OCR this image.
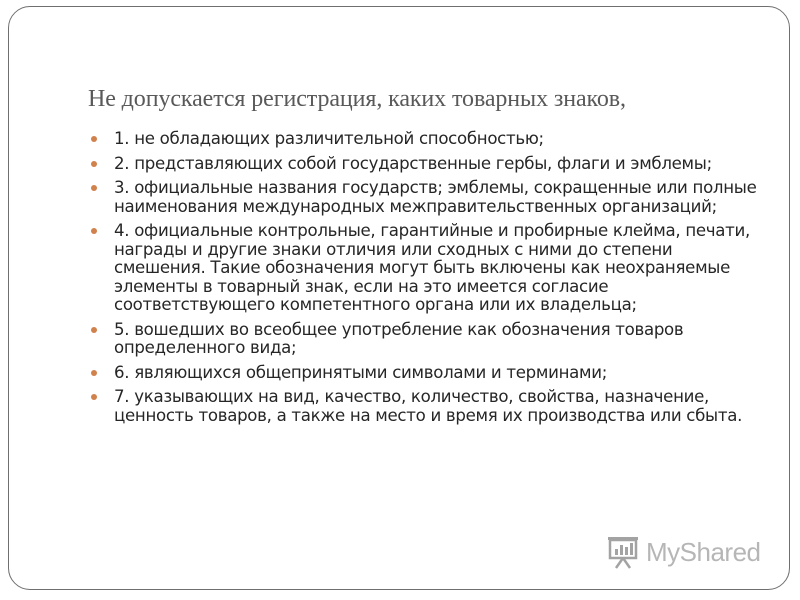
Не допускается регистрация, каких товарных знаков,
1. не обладающих различительной способностью;
2. представляющих собой государственные гербы, флаги и эмблемы;
3. официальные названия государств; эмблемы, сокращенные или полные наименования международных межправительственных организаций;
4. официальные контрольные, гарантийные и пробирные клейма, печати, награды и другие знаки отличия или сходных с ними до степени смешения. Такие обозначения могут быть включены как неохраняемые элементы в товарный знак, если на это имеется согласие соответствующего компетентного органа или их владельца;
5. вошедших во всеобщее употребление как обозначения товаров определенного вида;
6. являющихся общепринятыми символами и терминами;
7. указывающих на вид, качество, количество, свойства, назначение, ценность товаров, а также на место и время их производства или сбыта.
MyShared
